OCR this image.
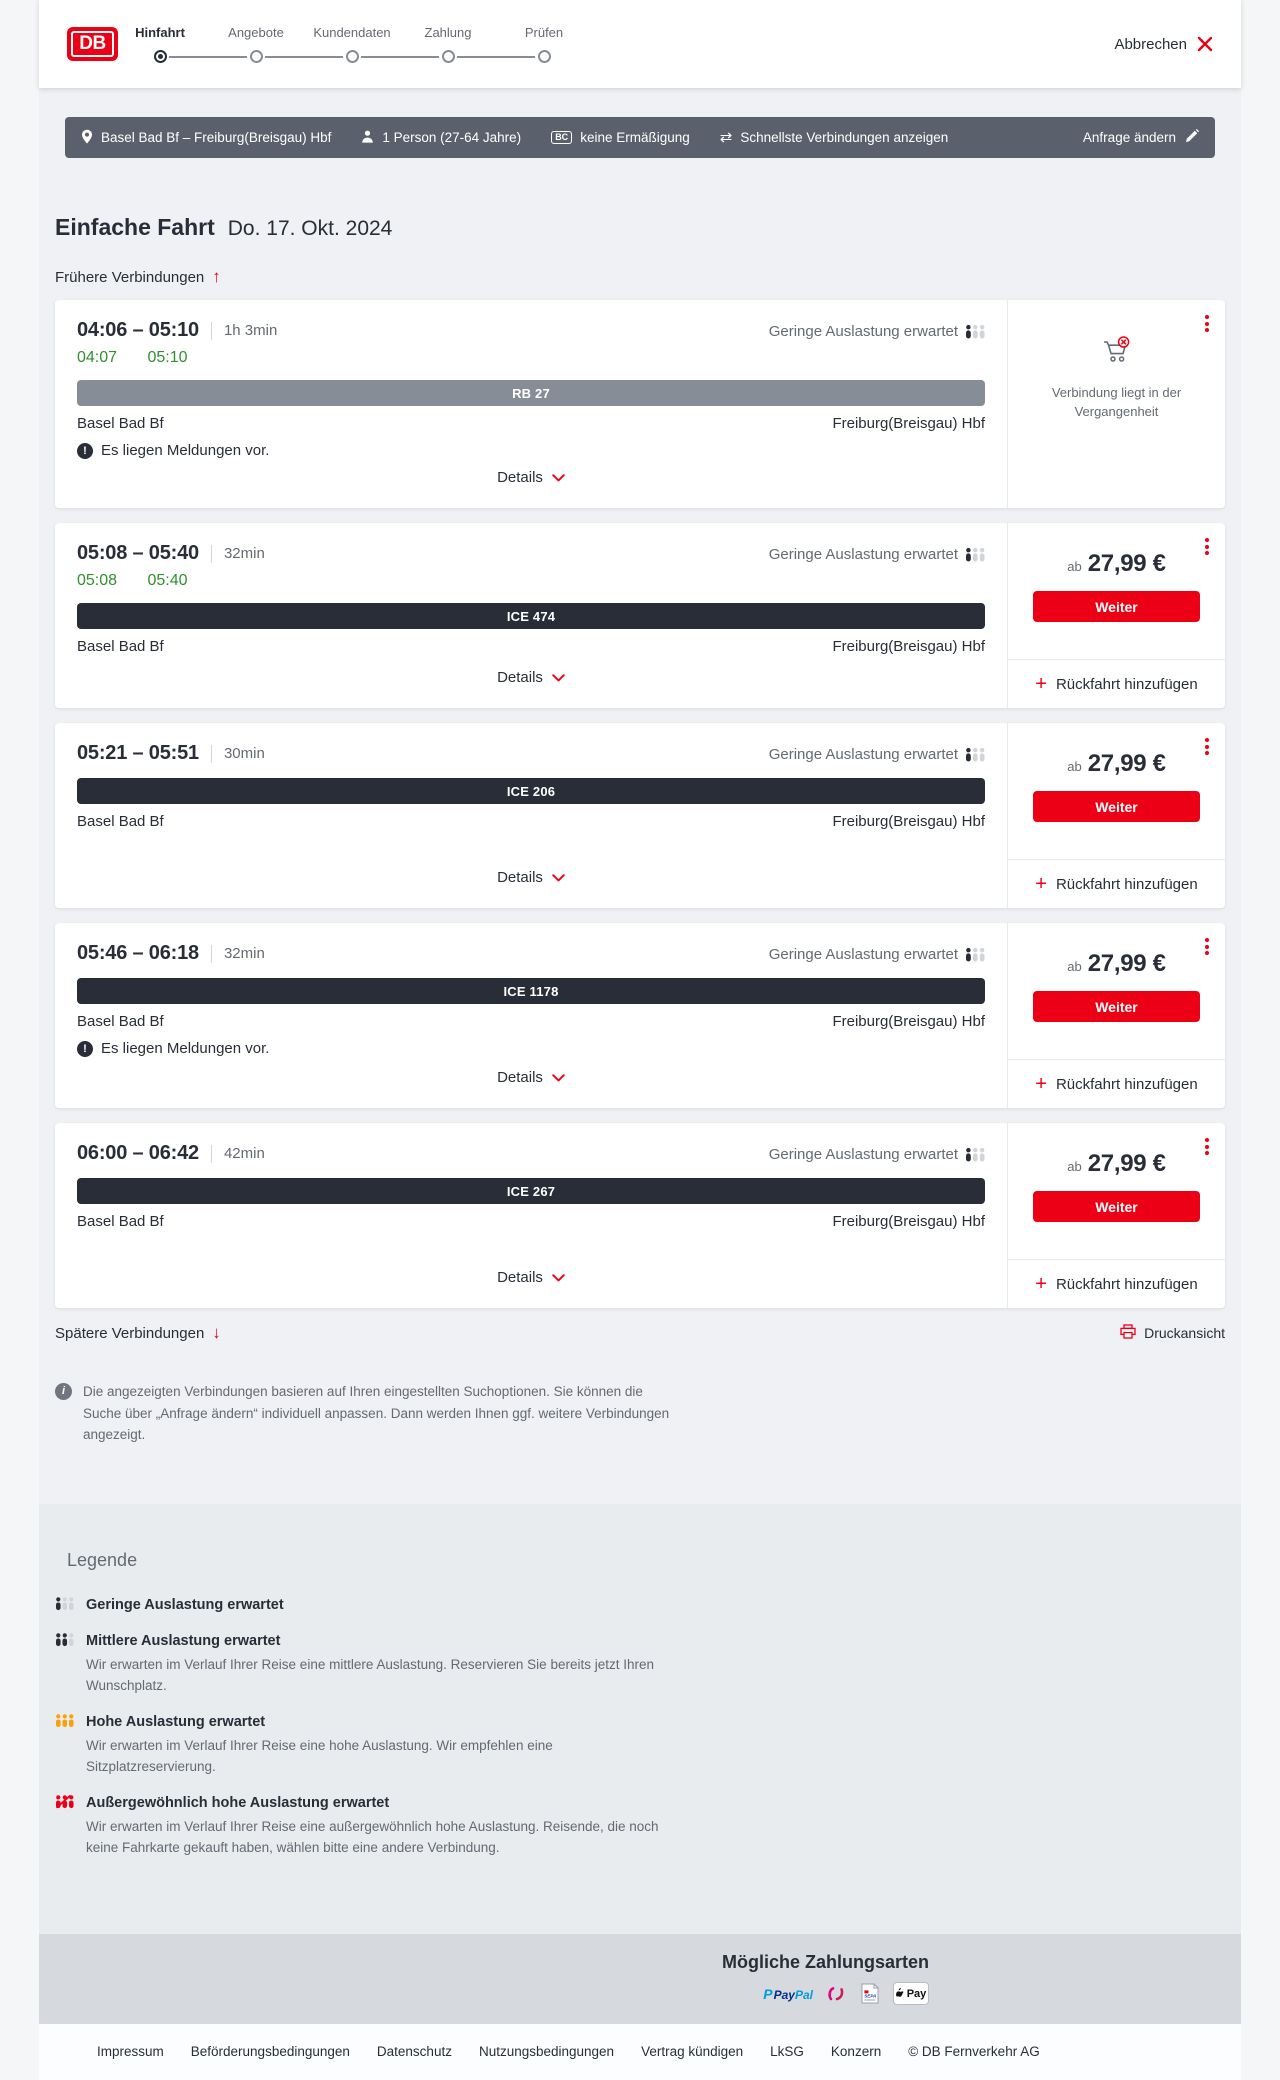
DB
Hinfahrt	Angebote Kundendaten	Zahlung	Prüfen
Abbrechen
Basel Bad Bf – Freiburg(Breisgau) Hbf	1 Person (27-64 Jahre)	BC keine Ermäßigung ⇄	Schnellste Verbindungen anzeigen	Anfrage ändern
Einfache Fahrt Do. 17. Okt. 2024
Frühere Verbindungen
↑
04:06 – 05:10 1h 3min	Geringe Auslastung erwartet
04:07 05:10
RB 27
Basel Bad Bf	Freiburg(Breisgau) Hbf
!
Es liegen Meldungen vor.
Details

Verbindung liegt in der Vergangenheit

05:08 – 05:40 32min	Geringe Auslastung erwartet
05:08 05:40
ICE 474
Basel Bad Bf	Freiburg(Breisgau) Hbf
Details
ab 27,99 €
Weiter
+
Rückfahrt hinzufügen
05:21 – 05:51 30min	Geringe Auslastung erwartet
ICE 206
Basel Bad Bf	Freiburg(Breisgau) Hbf
Details
ab 27,99 €
Weiter
+
Rückfahrt hinzufügen
05:46 – 06:18 32min	Geringe Auslastung erwartet
ICE 1178
Basel Bad Bf	Freiburg(Breisgau) Hbf
!
Es liegen Meldungen vor.
Details
ab 27,99 €
Weiter
+
Rückfahrt hinzufügen
06:00 – 06:42 42min	Geringe Auslastung erwartet
ICE 267
Basel Bad Bf	Freiburg(Breisgau) Hbf
Details
ab 27,99 €
Weiter
+
Rückfahrt hinzufügen
Spätere Verbindungen ↓	Druckansicht
i

Die angezeigten Verbindungen basieren auf Ihren eingestellten Suchoptionen. Sie können die Suche über „Anfrage ändern“ individuell anpassen. Dann werden Ihnen ggf. weitere Verbindungen angezeigt.

Legende
Geringe Auslastung erwartet
Mittlere Auslastung erwartet
Wir erwarten im Verlauf Ihrer Reise eine mittlere Auslastung. Reservieren Sie bereits jetzt Ihren Wunschplatz.
Hohe Auslastung erwartet
Wir erwarten im Verlauf Ihrer Reise eine hohe Auslastung. Wir empfehlen eine Sitzplatzreservierung.
Außergewöhnlich hohe Auslastung erwartet
Wir erwarten im Verlauf Ihrer Reise eine außergewöhnlich hohe Auslastung. Reisende, die noch keine Fahrkarte gekauft haben, wählen bitte eine andere Verbindung.
Mögliche Zahlungsarten
P Pay Pal	SEPA	Pay
Impressum Beförderungsbedingungen Datenschutz Nutzungsbedingungen Vertrag kündigen LkSG Konzern © DB Fernverkehr AG
